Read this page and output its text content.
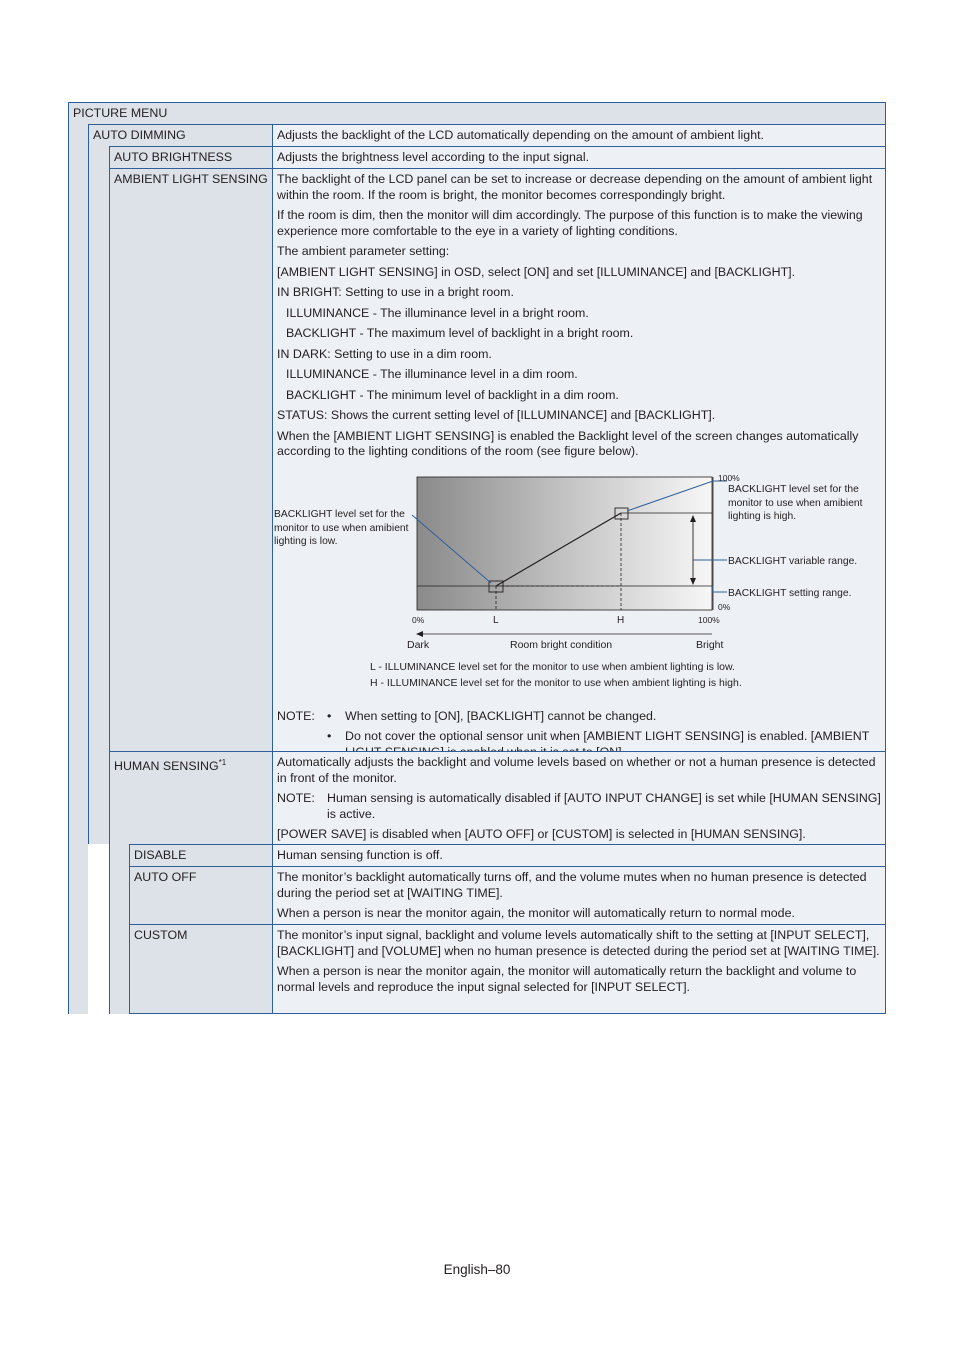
PICTURE MENU
AUTO DIMMING	Adjusts the backlight of the LCD automatically depending on the amount of ambient light.
AUTO BRIGHTNESS	Adjusts the brightness level according to the input signal.
AMBIENT LIGHT SENSING The backlight of the LCD panel can be set to increase or decrease depending on the amount of ambient light within the room. If the room is bright, the monitor becomes correspondingly bright.

If the room is dim, then the monitor will dim accordingly. The purpose of this function is to make the viewing experience more comfortable to the eye in a variety of lighting conditions.

The ambient parameter setting:

[AMBIENT LIGHT SENSING] in OSD, select [ON] and set [ILLUMINANCE] and [BACKLIGHT].

IN BRIGHT: Setting to use in a bright room.

ILLUMINANCE - The illuminance level in a bright room.

BACKLIGHT - The maximum level of backlight in a bright room.

IN DARK: Setting to use in a dim room.

ILLUMINANCE - The illuminance level in a dim room.

BACKLIGHT - The minimum level of backlight in a dim room.

STATUS: Shows the current setting level of [ILLUMINANCE] and [BACKLIGHT].

When the [AMBIENT LIGHT SENSING] is enabled the Backlight level of the screen changes automatically according to the lighting conditions of the room (see figure below).

100%
0%
0%	L	H	100%
Dark	Room bright condition	Bright
BACKLIGHT level set for the monitor to use when amibient lighting is low.
BACKLIGHT level set for the monitor to use when amibient lighting is high.
BACKLIGHT variable range.
BACKLIGHT setting range.
L - ILLUMINANCE level set for the monitor to use when ambient lighting is low.
H - ILLUMINANCE level set for the monitor to use when ambient lighting is high.
NOTE: •	When setting to [ON], [BACKLIGHT] cannot be changed.
•	Do not cover the optional sensor unit when [AMBIENT LIGHT SENSING] is enabled. [AMBIENT
HUMAN SENSING$^{*1}$	Automatically adjusts the backlight and volume levels based on whether or not a human presence is detected in front of the monitor.

NOTE: Human sensing is automatically disabled if [AUTO INPUT CHANGE] is set while [HUMAN SENSING] is active.

[POWER SAVE] is disabled when [AUTO OFF] or [CUSTOM] is selected in [HUMAN SENSING].

DISABLE	Human sensing function is off.
AUTO OFF	The monitor’s backlight automatically turns off, and the volume mutes when no human presence is detected during the period set at [WAITING TIME].

When a person is near the monitor again, the monitor will automatically return to normal mode.

CUSTOM	The monitor’s input signal, backlight and volume levels automatically shift to the setting at [INPUT SELECT], [BACKLIGHT] and [VOLUME] when no human presence is detected during the period set at [WAITING TIME].

When a person is near the monitor again, the monitor will automatically return the backlight and volume to normal levels and reproduce the input signal selected for [INPUT SELECT].

English–80
